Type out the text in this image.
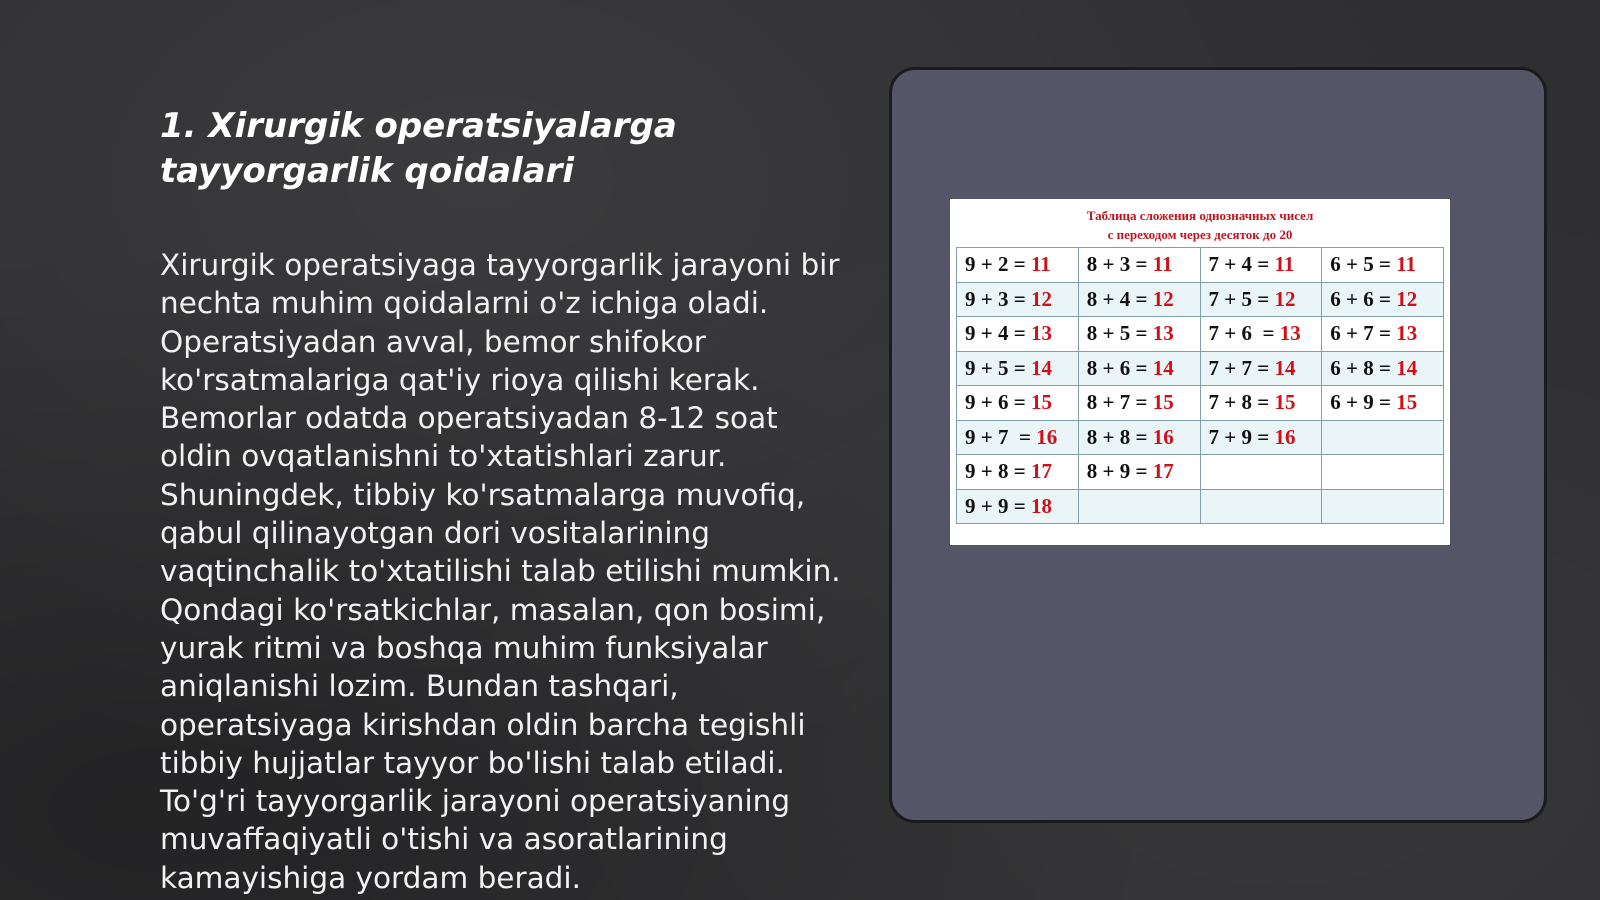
1. Xirurgik operatsiyalarga
tayyorgarlik qoidalari

Xirurgik operatsiyaga tayyorgarlik jarayoni bir nechta muhim qoidalarni o'z ichiga oladi. Operatsiyadan avval, bemor shifokor ko'rsatmalariga qat'iy rioya qilishi kerak. Bemorlar odatda operatsiyadan 8-12 soat oldin ovqatlanishni to'xtatishlari zarur. Shuningdek, tibbiy ko'rsatmalarga muvofiq, qabul qilinayotgan dori vositalarining vaqtinchalik to'xtatilishi talab etilishi mumkin. Qondagi ko'rsatkichlar, masalan, qon bosimi, yurak ritmi va boshqa muhim funksiyalar aniqlanishi lozim. Bundan tashqari, operatsiyaga kirishdan oldin barcha tegishli tibbiy hujjatlar tayyor bo'lishi talab etiladi. To'g'ri tayyorgarlik jarayoni operatsiyaning muvaffaqiyatli o'tishi va asoratlarining kamayishiga yordam beradi.

Таблица сложения однозначных чисел
с переходом через десяток до 20
9 + 2 = 11	8 + 3 = 11	7 + 4 = 11	6 + 5 = 11
9 + 3 = 12	8 + 4 = 12	7 + 5 = 12	6 + 6 = 12
9 + 4 = 13	8 + 5 = 13	7 + 6  = 13	6 + 7 = 13
9 + 5 = 14	8 + 6 = 14	7 + 7 = 14	6 + 8 = 14
9 + 6 = 15	8 + 7 = 15	7 + 8 = 15	6 + 9 = 15
9 + 7  = 16	8 + 8 = 16	7 + 9 = 16	
9 + 8 = 17	8 + 9 = 17		
9 + 9 = 18			
